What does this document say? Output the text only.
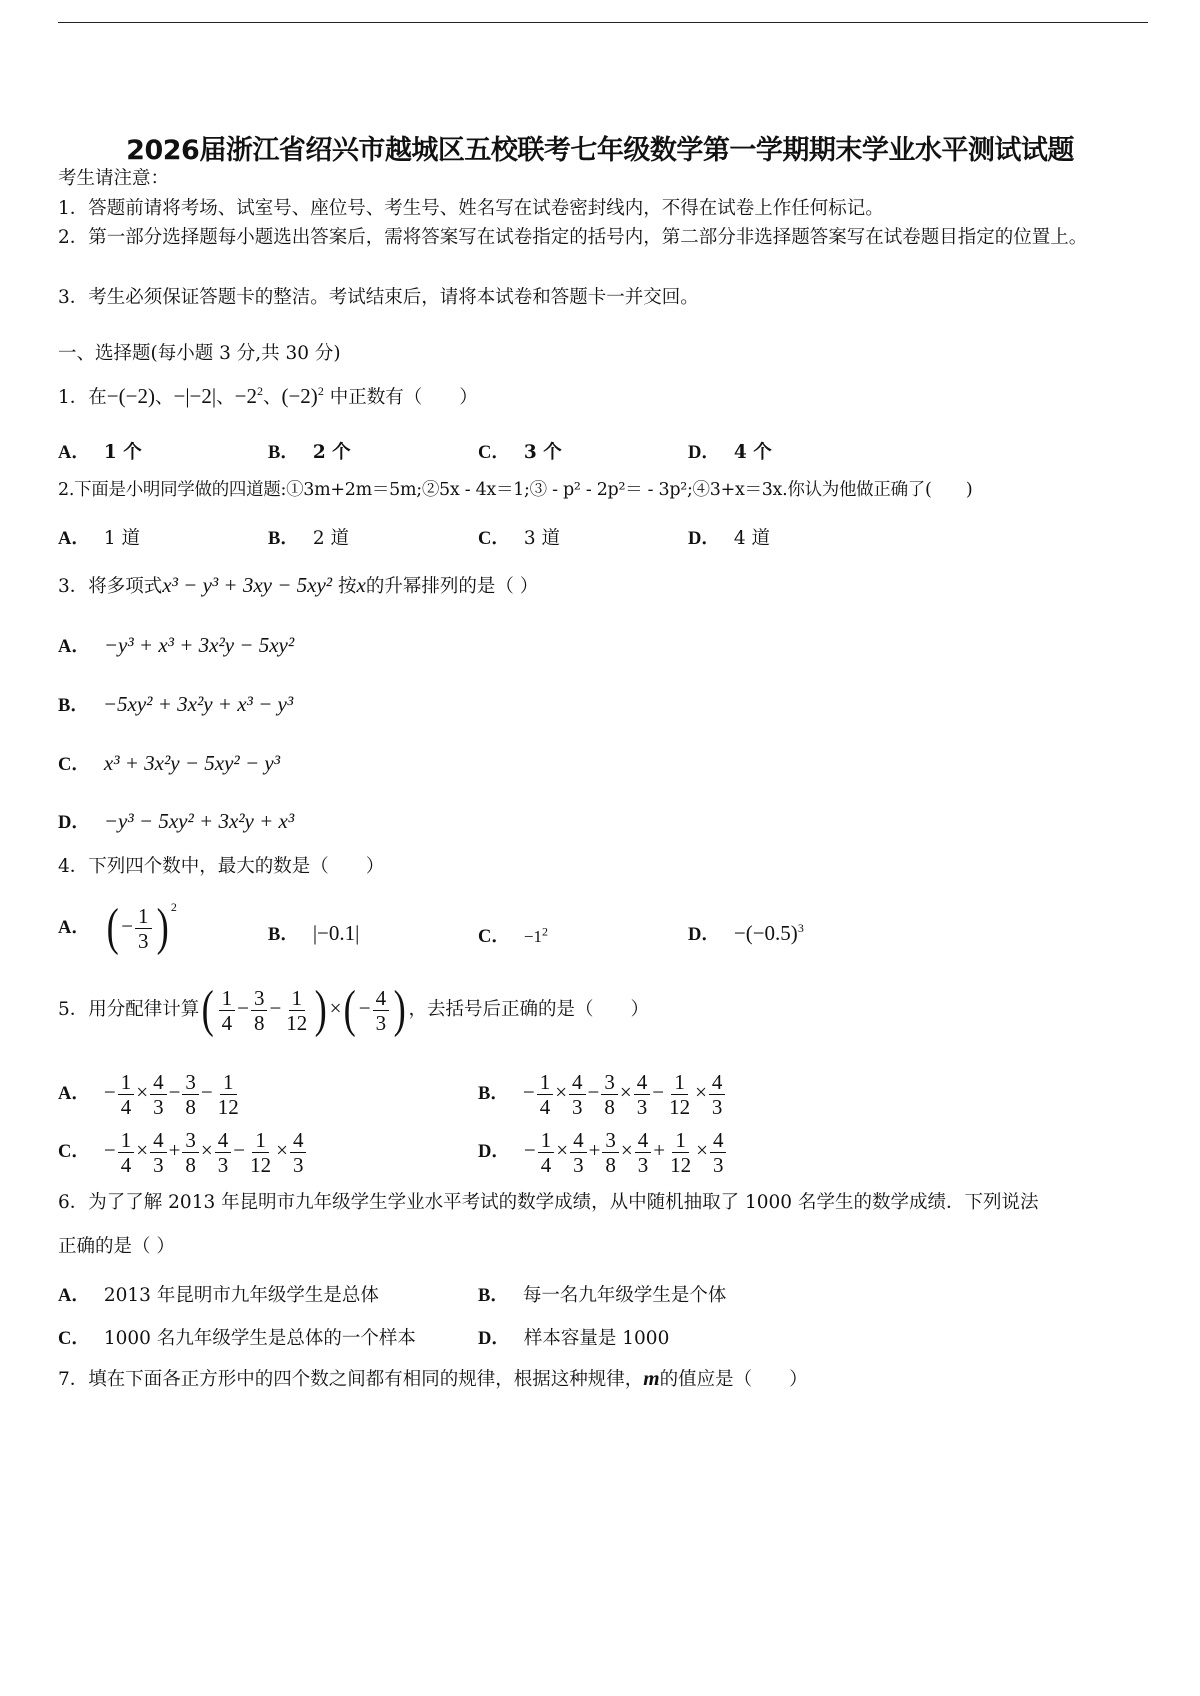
2026届浙江省绍兴市越城区五校联考七年级数学第一学期期末学业水平测试试题
考生请注意：
1．答题前请将考场、试室号、座位号、考生号、姓名写在试卷密封线内，不得在试卷上作任何标记。
2．第一部分选择题每小题选出答案后，需将答案写在试卷指定的括号内，第二部分非选择题答案写在试卷题目指定的位置上。
3．考生必须保证答题卡的整洁。考试结束后，请将本试卷和答题卡一并交回。
一、选择题(每小题 3 分,共 30 分)
1．在−(−2)、−|−2|、$-2^2$、$(-2)^2$ 中正数有（　　）
A． 1 个	B． 2 个	C． 3 个	D． 4 个
2.下面是小明同学做的四道题:①3m+2m＝5m;②5x - 4x＝1;③ - p² - 2p²＝ - 3p²;④3+x＝3x.你认为他做正确了(　　)
A． 1 道	B． 2 道	C． 3 道	D． 4 道
3．将多项式x³ − y³ + 3xy − 5xy² 按x的升幂排列的是（ ）
A． −y³ + x³ + 3x²y − 5xy²
B． −5xy² + 3x²y + x³ − y³
C． x³ + 3x²y − 5xy² − y³
D． −y³ − 5xy² + 3x²y + x³
4．下列四个数中，最大的数是（　　）
A． ( − $\frac{1}{3}$ ) $^2$
B． |−0.1|	C． $-1^2$	D． $-(-0.5)^3$
5．用分配律计算( $\frac{1}{4} - \frac{3}{8} - \frac{1}{12}$ ) ×( − $\frac{4}{3}$ ) ，去括号后正确的是（　　）
A． − $\frac{1}{4} \times \frac{4}{3} - \frac{3}{8} - \frac{1}{12}$	B． − $\frac{1}{4} \times \frac{4}{3} - \frac{3}{8} \times \frac{4}{3} - \frac{1}{12} \times \frac{4}{3}$
C． − $\frac{1}{4} \times \frac{4}{3} + \frac{3}{8} \times \frac{4}{3} - \frac{1}{12} \times \frac{4}{3}$	D． − $\frac{1}{4} \times \frac{4}{3} + \frac{3}{8} \times \frac{4}{3} + \frac{1}{12} \times \frac{4}{3}$
6．为了了解 2013 年昆明市九年级学生学业水平考试的数学成绩，从中随机抽取了 1000 名学生的数学成绩．下列说法
正确的是（ ）
A． 2013 年昆明市九年级学生是总体	B． 每一名九年级学生是个体
C． 1000 名九年级学生是总体的一个样本	D． 样本容量是 1000
7．填在下面各正方形中的四个数之间都有相同的规律，根据这种规律，m的值应是（　　）
